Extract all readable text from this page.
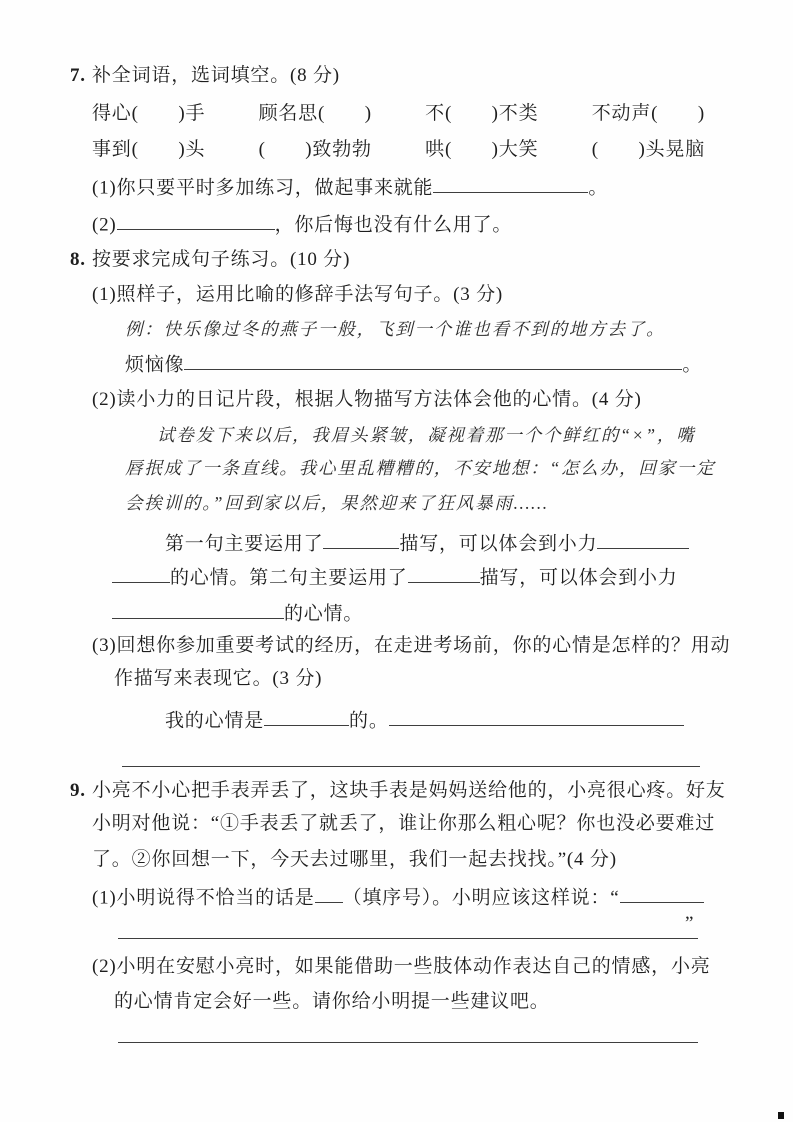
7. 补全词语，选词填空。(8 分)
得心(　　)手	顾名思(　　)	不(　　)不类	不动声(　　)
事到(　　)头	(　　)致勃勃	哄(　　)大笑	(　　)头晃脑
(1)你只要平时多加练习，做起事来就能	。
(2)	，你后悔也没有什么用了。
8. 按要求完成句子练习。(10 分)
(1)照样子，运用比喻的修辞手法写句子。(3 分)
例：快乐像过冬的燕子一般，飞到一个谁也看不到的地方去了。
烦恼像	。
(2)读小力的日记片段，根据人物描写方法体会他的心情。(4 分)
试卷发下来以后，我眉头紧皱，凝视着那一个个鲜红的“×”，嘴
唇抿成了一条直线。我心里乱糟糟的，不安地想：“怎么办，回家一定
会挨训的。”回到家以后，果然迎来了狂风暴雨……
第一句主要运用了	描写，可以体会到小力
的心情。第二句主要运用了	描写，可以体会到小力
的心情。
(3)回想你参加重要考试的经历，在走进考场前，你的心情是怎样的？用动
作描写来表现它。(3 分)
我的心情是	的。
9. 小亮不小心把手表弄丢了，这块手表是妈妈送给他的，小亮很心疼。好友
小明对他说：“①手表丢了就丢了，谁让你那么粗心呢？你也没必要难过
了。②你回想一下，今天去过哪里，我们一起去找找。”(4 分)
(1)小明说得不恰当的话是 （填序号）。小明应该这样说：“
”
(2)小明在安慰小亮时，如果能借助一些肢体动作表达自己的情感，小亮
的心情肯定会好一些。请你给小明提一些建议吧。
